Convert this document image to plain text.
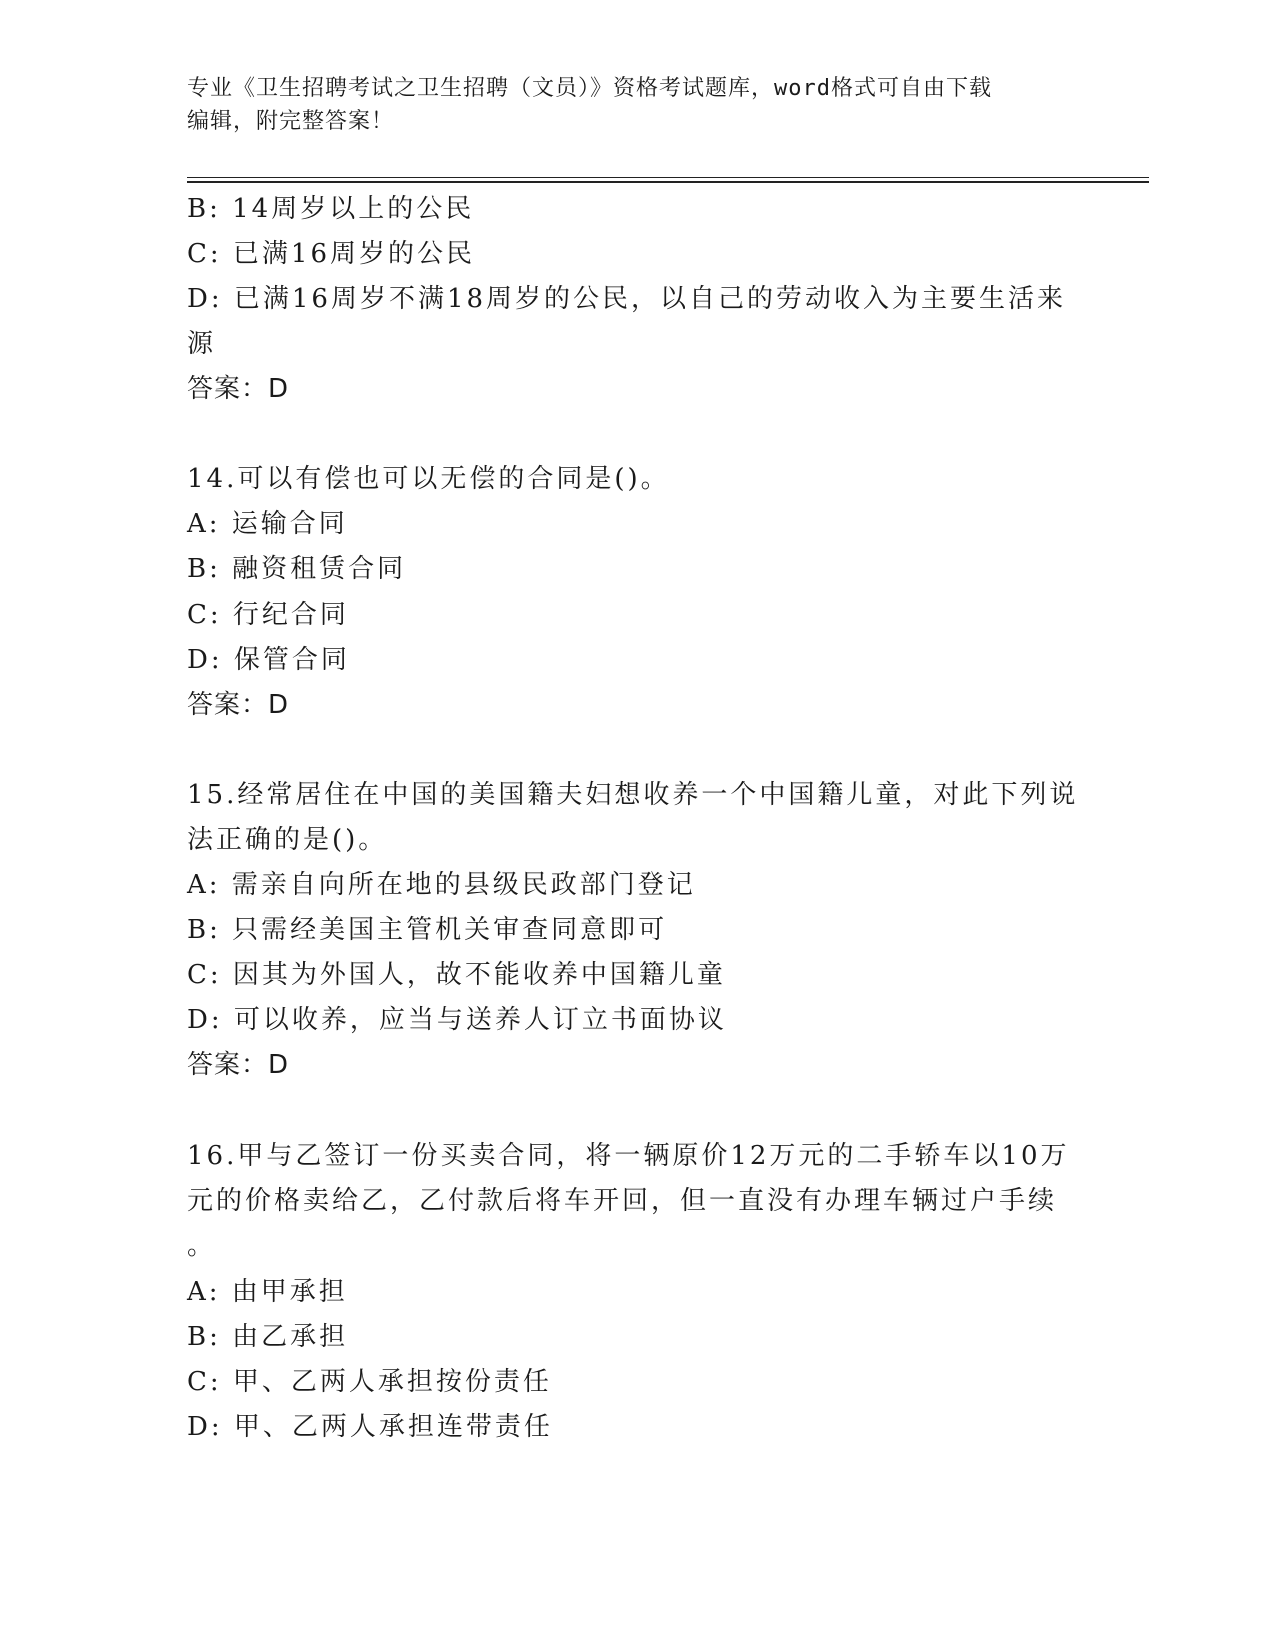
专业《卫生招聘考试之卫生招聘（文员）》资格考试题库，word格式可自由下载
编辑，附完整答案！
B: 14周岁以上的公民
C: 已满16周岁的公民
D: 已满16周岁不满18周岁的公民，以自己的劳动收入为主要生活来
源
答案：D
14.可以有偿也可以无偿的合同是()。
A: 运输合同
B: 融资租赁合同
C: 行纪合同
D: 保管合同
答案：D
15.经常居住在中国的美国籍夫妇想收养一个中国籍儿童，对此下列说
法正确的是()。
A: 需亲自向所在地的县级民政部门登记
B: 只需经美国主管机关审查同意即可
C: 因其为外国人，故不能收养中国籍儿童
D: 可以收养，应当与送养人订立书面协议
答案：D
16.甲与乙签订一份买卖合同，将一辆原价12万元的二手轿车以10万
元的价格卖给乙，乙付款后将车开回，但一直没有办理车辆过户手续
。
A: 由甲承担
B: 由乙承担
C: 甲、乙两人承担按份责任
D: 甲、乙两人承担连带责任
